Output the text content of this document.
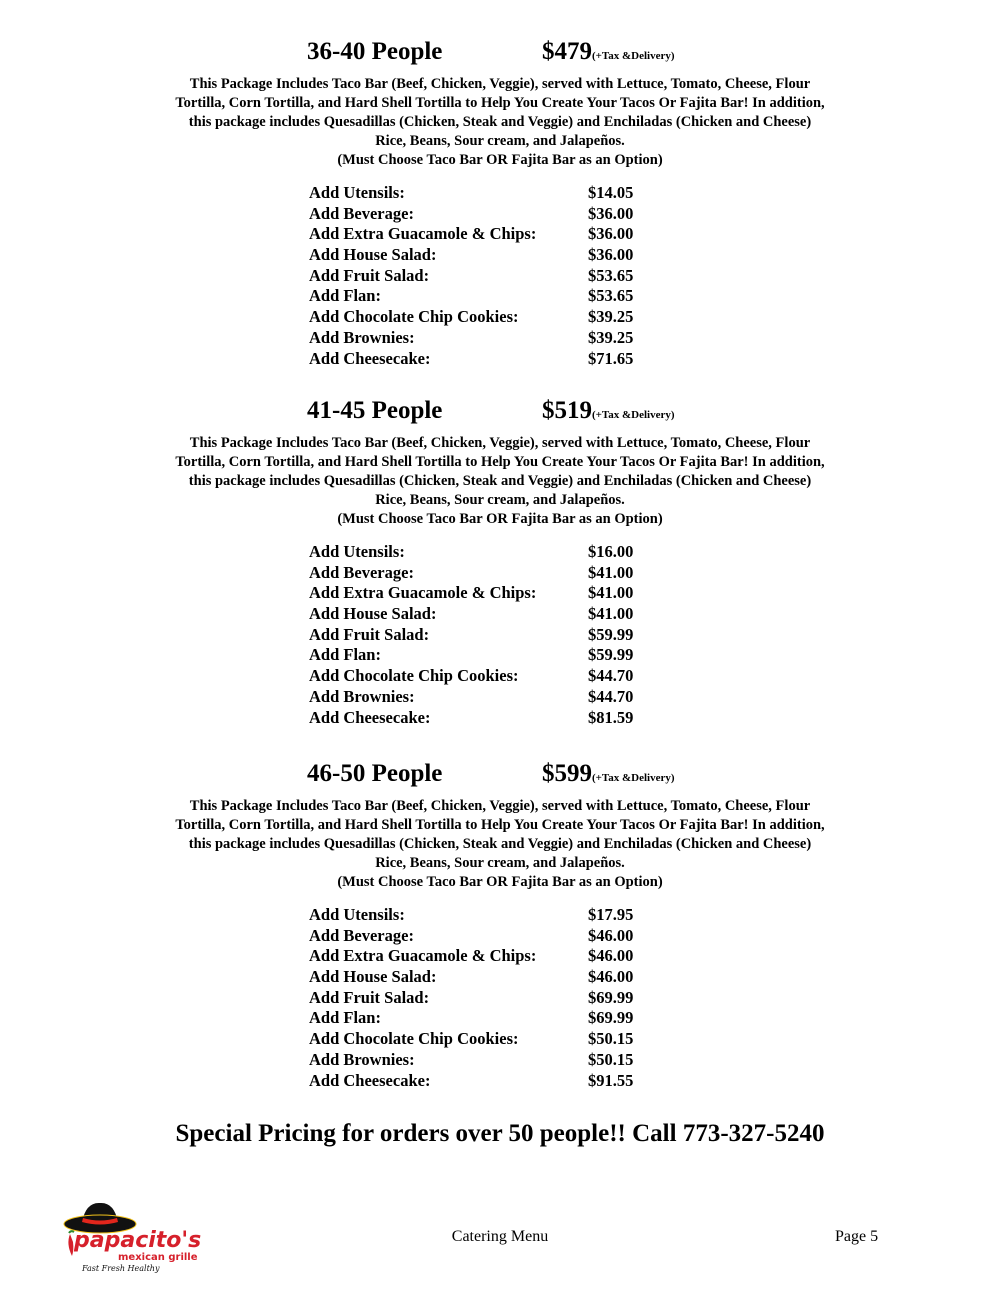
36-40 People	$479(+Tax &Delivery)
This Package Includes Taco Bar (Beef, Chicken, Veggie), served with Lettuce, Tomato, Cheese, Flour
Tortilla, Corn Tortilla, and Hard Shell Tortilla to Help You Create Your Tacos Or Fajita Bar! In addition,
this package includes Quesadillas (Chicken, Steak and Veggie) and Enchiladas (Chicken and Cheese)
Rice, Beans, Sour cream, and Jalapeños.
(Must Choose Taco Bar OR Fajita Bar as an Option)
Add Utensils:	$14.05
Add Beverage:	$36.00
Add Extra Guacamole & Chips:	$36.00
Add House Salad:	$36.00
Add Fruit Salad:	$53.65
Add Flan:	$53.65
Add Chocolate Chip Cookies:	$39.25
Add Brownies:	$39.25
Add Cheesecake:	$71.65
41-45 People	$519(+Tax &Delivery)
This Package Includes Taco Bar (Beef, Chicken, Veggie), served with Lettuce, Tomato, Cheese, Flour
Tortilla, Corn Tortilla, and Hard Shell Tortilla to Help You Create Your Tacos Or Fajita Bar! In addition,
this package includes Quesadillas (Chicken, Steak and Veggie) and Enchiladas (Chicken and Cheese)
Rice, Beans, Sour cream, and Jalapeños.
(Must Choose Taco Bar OR Fajita Bar as an Option)
Add Utensils:	$16.00
Add Beverage:	$41.00
Add Extra Guacamole & Chips:	$41.00
Add House Salad:	$41.00
Add Fruit Salad:	$59.99
Add Flan:	$59.99
Add Chocolate Chip Cookies:	$44.70
Add Brownies:	$44.70
Add Cheesecake:	$81.59
46-50 People	$599(+Tax &Delivery)
This Package Includes Taco Bar (Beef, Chicken, Veggie), served with Lettuce, Tomato, Cheese, Flour
Tortilla, Corn Tortilla, and Hard Shell Tortilla to Help You Create Your Tacos Or Fajita Bar! In addition,
this package includes Quesadillas (Chicken, Steak and Veggie) and Enchiladas (Chicken and Cheese)
Rice, Beans, Sour cream, and Jalapeños.
(Must Choose Taco Bar OR Fajita Bar as an Option)
Add Utensils:	$17.95
Add Beverage:	$46.00
Add Extra Guacamole & Chips:	$46.00
Add House Salad:	$46.00
Add Fruit Salad:	$69.99
Add Flan:	$69.99
Add Chocolate Chip Cookies:	$50.15
Add Brownies:	$50.15
Add Cheesecake:	$91.55
Special Pricing for orders over 50 people!! Call 773-327-5240
papacito's
mexican grille
Fast Fresh Healthy
Catering Menu	Page 5
